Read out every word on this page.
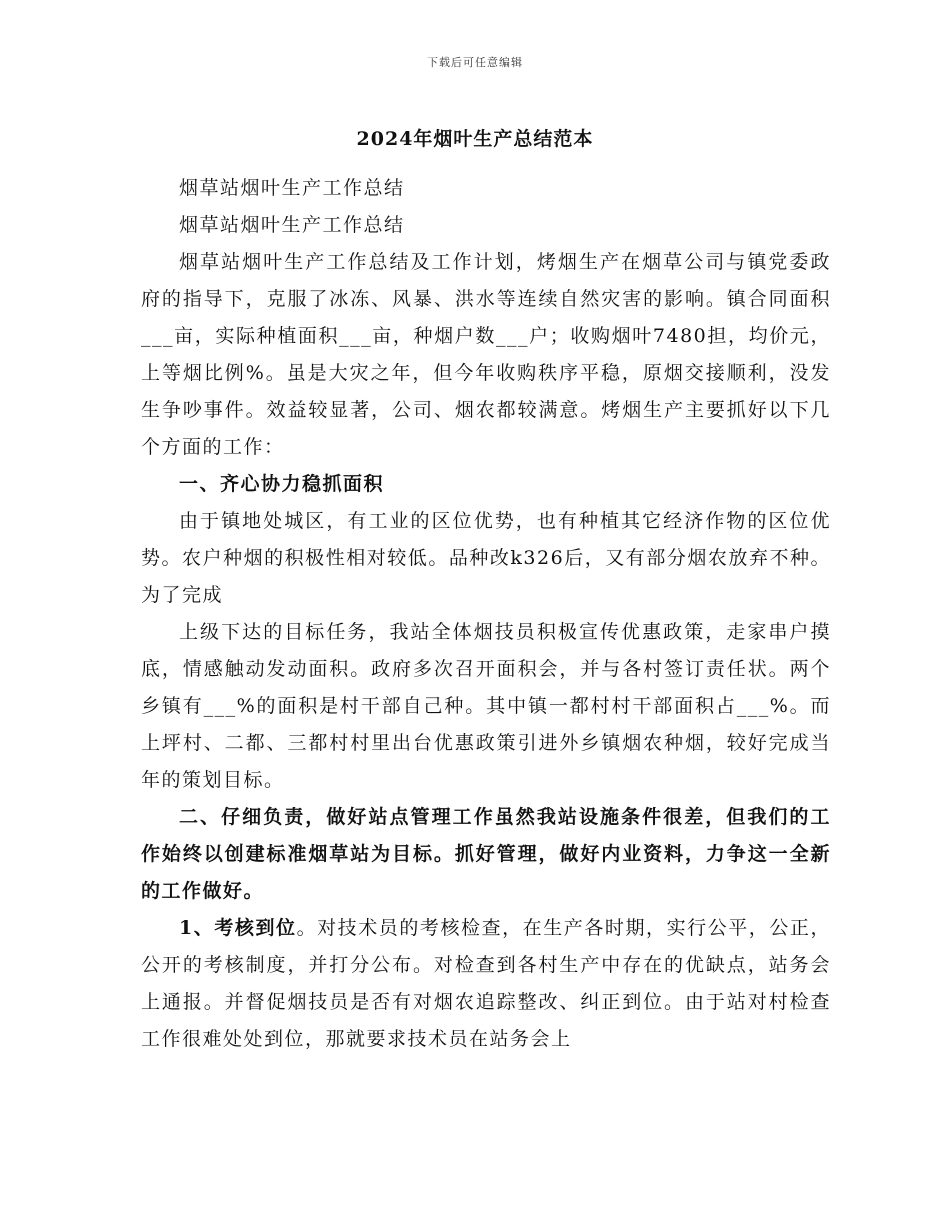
下载后可任意编辑
2024年烟叶生产总结范本

烟草站烟叶生产工作总结

烟草站烟叶生产工作总结

烟草站烟叶生产工作总结及工作计划，烤烟生产在烟草公司与镇党委政府的指导下，克服了冰冻、风暴、洪水等连续自然灾害的影响。镇合同面积___亩，实际种植面积___亩，种烟户数___户；收购烟叶7480担，均价元，上等烟比例%。虽是大灾之年，但今年收购秩序平稳，原烟交接顺利，没发生争吵事件。效益较显著，公司、烟农都较满意。烤烟生产主要抓好以下几个方面的工作：

一、齐心协力稳抓面积

由于镇地处城区，有工业的区位优势，也有种植其它经济作物的区位优势。农户种烟的积极性相对较低。品种改k326后，又有部分烟农放弃不种。为了完成

上级下达的目标任务，我站全体烟技员积极宣传优惠政策，走家串户摸底，情感触动发动面积。政府多次召开面积会，并与各村签订责任状。两个乡镇有___%的面积是村干部自己种。其中镇一都村村干部面积占___%。而上坪村、二都、三都村村里出台优惠政策引进外乡镇烟农种烟，较好完成当年的策划目标。

二、仔细负责，做好站点管理工作虽然我站设施条件很差，但我们的工作始终以创建标准烟草站为目标。抓好管理，做好内业资料，力争这一全新的工作做好。

1、考核到位。对技术员的考核检查，在生产各时期，实行公平，公正，公开的考核制度，并打分公布。对检查到各村生产中存在的优缺点，站务会上通报。并督促烟技员是否有对烟农追踪整改、纠正到位。由于站对村检查工作很难处处到位，那就要求技术员在站务会上
